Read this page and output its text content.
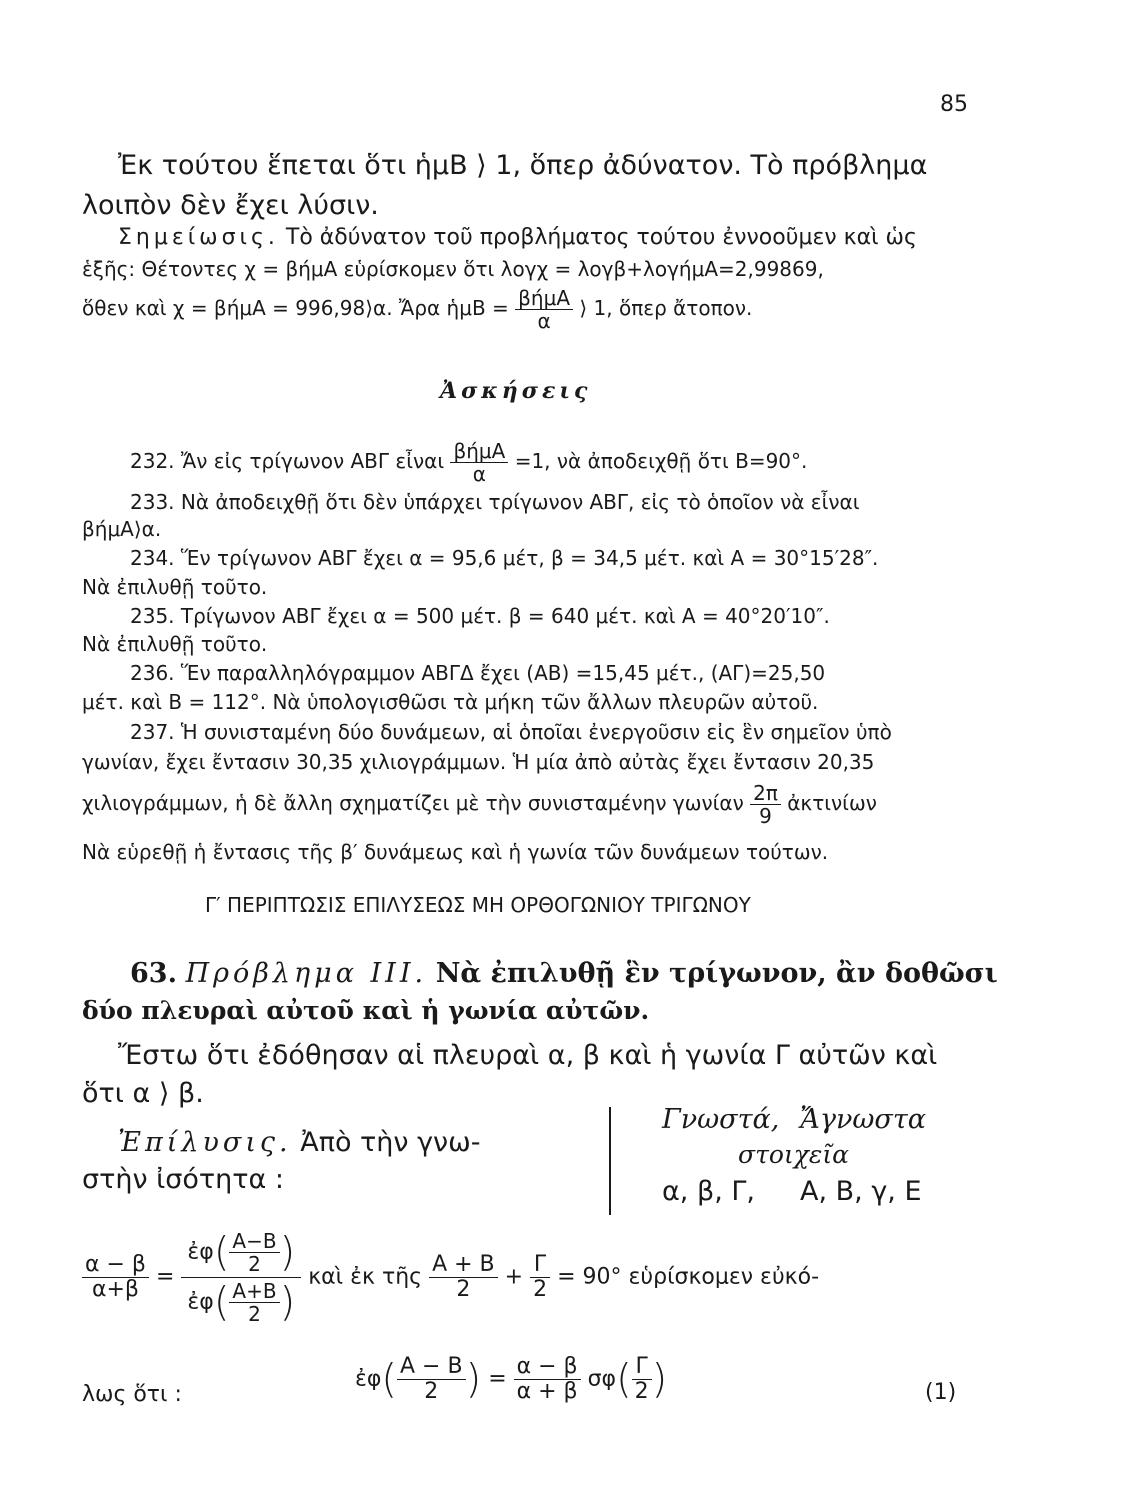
85
Ἐκ τούτου ἕπεται ὅτι ἡμΒ ⟩ 1, ὅπερ ἀδύνατον. Τὸ πρόβλημα
λοιπὸν δὲν ἔχει λύσιν.
Σημείωσις. Τὸ ἀδύνατον τοῦ προβλήματος τούτου ἐννοοῦμεν καὶ ὡς
ἑξῆς: Θέτοντες χ = βήμΑ εὑρίσκομεν ὅτι λογχ = λογβ+λογήμΑ=2,99869,
ὅθεν καὶ χ = βήμΑ = 996,98⟩α. Ἄρα ἡμΒ = $\frac{\text{βήμΑ}}{\alpha}$ ⟩ 1, ὅπερ ἄτοπον.
Ἀσκήσεις
232. Ἄν εἰς τρίγωνον ΑΒΓ εἶναι $\frac{\text{βήμΑ}}{\alpha} =1$, νὰ ἀποδειχθῇ ὅτι Β=90°.
233. Νὰ ἀποδειχθῇ ὅτι δὲν ὑπάρχει τρίγωνον ΑΒΓ, εἰς τὸ ὁποῖον νὰ εἶναι
βήμΑ⟩α.
234. Ἕν τρίγωνον ΑΒΓ ἔχει α = 95,6 μέτ, β = 34,5 μέτ. καὶ Α = 30°15′28″.
Νὰ ἐπιλυθῇ τοῦτο.
235. Τρίγωνον ΑΒΓ ἔχει α = 500 μέτ. β = 640 μέτ. καὶ Α = 40°20′10″.
Νὰ ἐπιλυθῇ τοῦτο.
236. Ἕν παραλληλόγραμμον ΑΒΓΔ ἔχει (ΑΒ) =15,45 μέτ., (ΑΓ)=25,50
μέτ. καὶ Β = 112°. Νὰ ὑπολογισθῶσι τὰ μήκη τῶν ἄλλων πλευρῶν αὐτοῦ.
237. Ἡ συνισταμένη δύο δυνάμεων, αἱ ὁποῖαι ἐνεργοῦσιν εἰς ἓν σημεῖον ὑπὸ
γωνίαν, ἔχει ἔντασιν 30,35 χιλιογράμμων. Ἡ μία ἀπὸ αὐτὰς ἔχει ἔντασιν 20,35
χιλιογράμμων, ἡ δὲ ἄλλη σχηματίζει μὲ τὴν συνισταμένην γωνίαν $\frac{2\pi}{9}$ ἀκτινίων
Νὰ εὑρεθῇ ἡ ἔντασις τῆς β′ δυνάμεως καὶ ἡ γωνία τῶν δυνάμεων τούτων.
Γ′ ΠΕΡΙΠΤΩΣΙΣ ΕΠΙΛΥΣΕΩΣ ΜΗ ΟΡΘΟΓΩΝΙΟΥ ΤΡΙΓΩΝΟΥ
63. Πρόβλημα ΙΙΙ. Νὰ ἐπιλυθῇ ἓν τρίγωνον, ἂν δοθῶσι
δύο πλευραὶ αὐτοῦ καὶ ἡ γωνία αὐτῶν.
Ἔστω ὅτι ἐδόθησαν αἱ πλευραὶ α, β καὶ ἡ γωνία Γ αὐτῶν καὶ
ὅτι α ⟩ β.
Ἐπίλυσις. Ἀπὸ τὴν γνω-
στὴν ἰσότητα :
Γνωστά, Ἄγνωστα
στοιχεῖα
α, β, Γ, Α, Β, γ, Ε
$\frac{\alpha - \beta}{\alpha+\beta} = \frac{ἐ\varphi( \frac{A-B}{2} )}{ἐ\varphi( \frac{A+B}{2} )}$ καὶ ἐκ τῆς $\frac{A + B}{2} + \frac{\Gamma}{2} = 90^\circ$ εὑρίσκομεν εὐκό-
λως ὅτι :
ἐφ( $\frac{A - B}{2}$ ) = $\frac{\alpha - \beta}{\alpha + \beta} \sigma\varphi( \frac{\Gamma}{2}$ )	(1)
